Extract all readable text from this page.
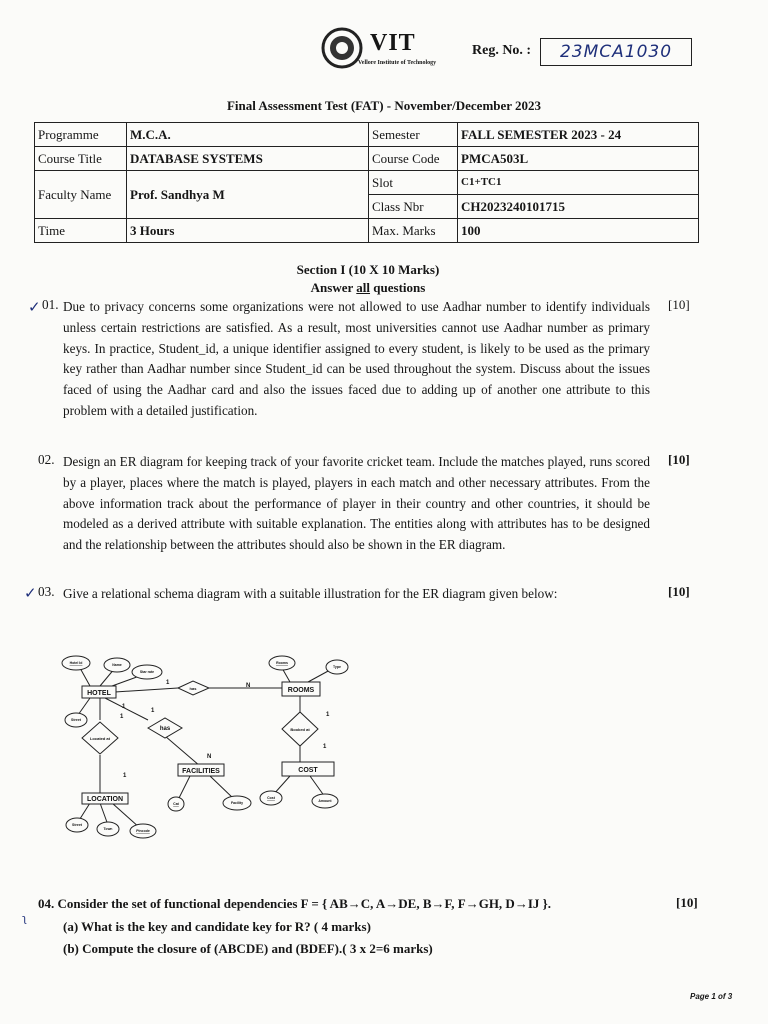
VIT
Vellore Institute of Technology
Reg. No. :	23MCA1030
Final Assessment Test (FAT) - November/December 2023
Programme	M.C.A.	Semester	FALL SEMESTER 2023 - 24
Course Title	DATABASE SYSTEMS	Course Code	PMCA503L
Faculty Name	Prof. Sandhya M	Slot	C1+TC1
		Class Nbr	CH2023240101715
Time	3 Hours	Max. Marks	100
Section I (10 X 10 Marks)
Answer all questions
✓ 01. Due to privacy concerns some organizations were not allowed to use Aadhar number to identify individuals unless certain restrictions are satisfied. As a result, most universities cannot use Aadhar number as primary keys. In practice, Student_id, a unique identifier assigned to every student, is likely to be used as the primary key rather than Aadhar number since Student_id can be used throughout the system. Discuss about the issues faced of using the Aadhar card and also the issues faced due to adding up of another one attribute to this problem with a detailed justification.
[10]
02. Design an ER diagram for keeping track of your favorite cricket team. Include the matches played, runs scored by a player, places where the match is played, players in each match and other necessary attributes. From the above information track about the performance of player in their country and other countries, it should be modeled as a derived attribute with suitable explanation. The entities along with attributes has to be designed and the relationship between the attributes should also be shown in the ER diagram.
[10]
✓ 03. Give a relational schema diagram with a suitable illustration for the ER diagram given below:	[10]
HOTEL	ROOMS
FACILITIES	COST
LOCATION
has
has
Located at
Booked at
Hotel Id	Name
Star rate
Street
Rooms
Type
Cost
Amount
Street
Town	Pincode
Cat	Facility
1	N
1
1
N
1
1
1
1
ʅ
04. Consider the set of functional dependencies F = { AB→C, A→DE, B→F, F→GH, D→IJ }.	[10]
(a) What is the key and candidate key for R? ( 4 marks)
(b) Compute the closure of (ABCDE) and (BDEF).( 3 x 2=6 marks)
Page 1 of 3
